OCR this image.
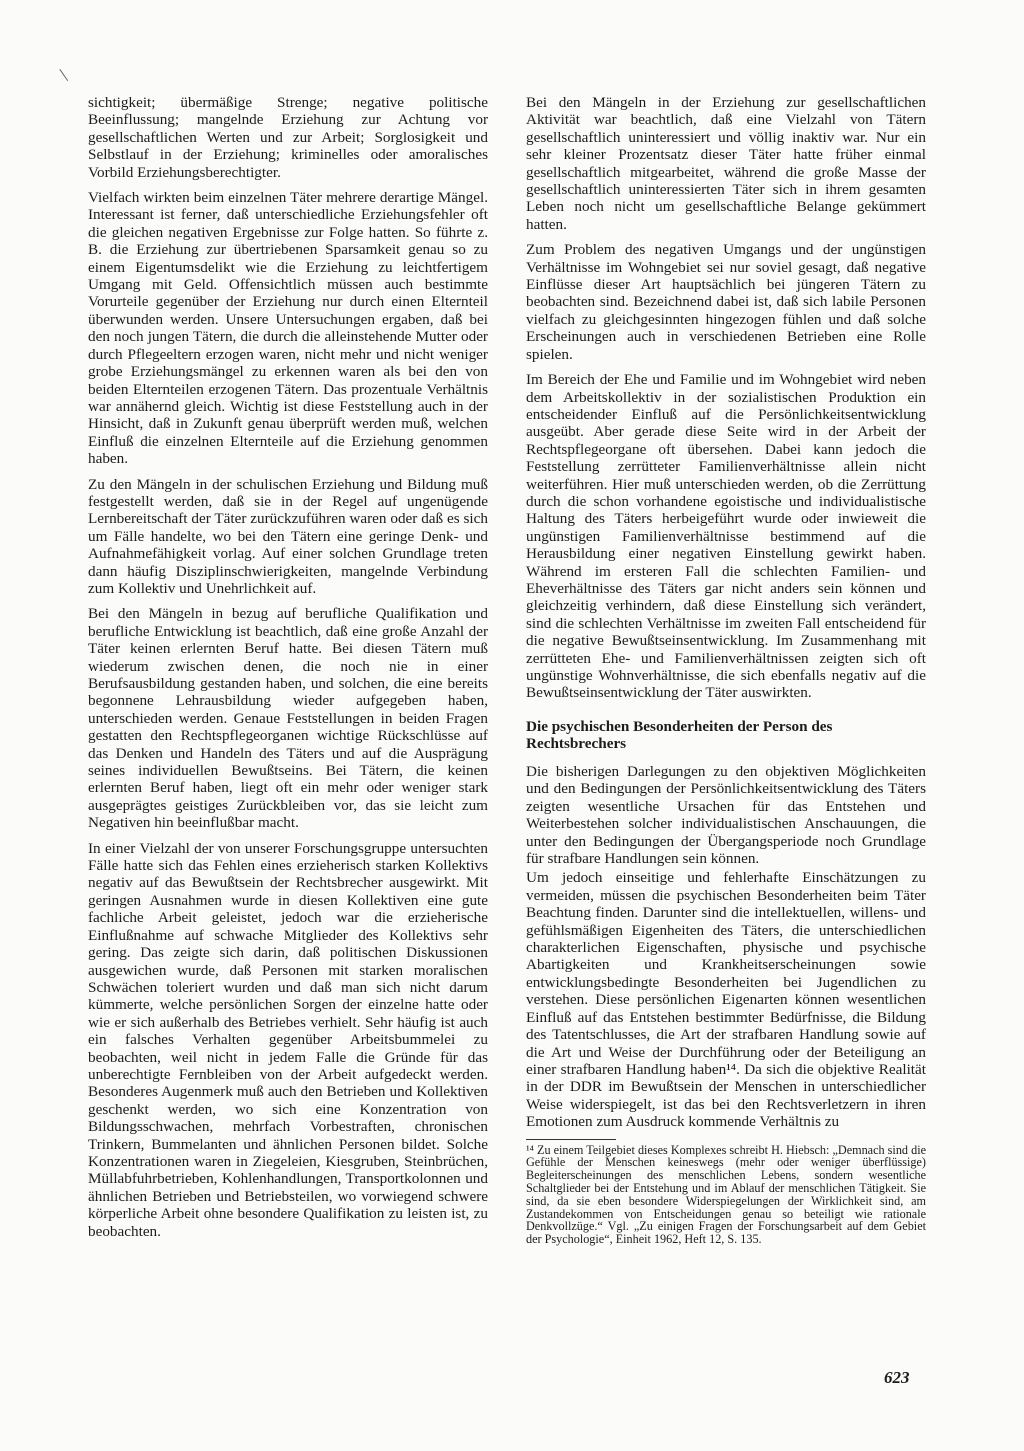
sichtigkeit; übermäßige Strenge; negative politische Beeinflussung; mangelnde Erziehung zur Achtung vor gesellschaftlichen Werten und zur Arbeit; Sorglosigkeit und Selbstlauf in der Erziehung; kriminelles oder amoralisches Vorbild Erziehungsberechtigter.

Vielfach wirkten beim einzelnen Täter mehrere derartige Mängel. Interessant ist ferner, daß unterschiedliche Erziehungsfehler oft die gleichen negativen Ergebnisse zur Folge hatten. So führte z. B. die Erziehung zur übertriebenen Sparsamkeit genau so zu einem Eigentumsdelikt wie die Erziehung zu leichtfertigem Umgang mit Geld. Offensichtlich müssen auch bestimmte Vorurteile gegenüber der Erziehung nur durch einen Elternteil überwunden werden. Unsere Untersuchungen ergaben, daß bei den noch jungen Tätern, die durch die alleinstehende Mutter oder durch Pflegeeltern erzogen waren, nicht mehr und nicht weniger grobe Erziehungsmängel zu erkennen waren als bei den von beiden Elternteilen erzogenen Tätern. Das prozentuale Verhältnis war annähernd gleich. Wichtig ist diese Feststellung auch in der Hinsicht, daß in Zukunft genau überprüft werden muß, welchen Einfluß die einzelnen Elternteile auf die Erziehung genommen haben.

Zu den Mängeln in der schulischen Erziehung und Bildung muß festgestellt werden, daß sie in der Regel auf ungenügende Lernbereitschaft der Täter zurückzuführen waren oder daß es sich um Fälle handelte, wo bei den Tätern eine geringe Denk- und Aufnahmefähigkeit vorlag. Auf einer solchen Grundlage treten dann häufig Disziplinschwierigkeiten, mangelnde Verbindung zum Kollektiv und Unehrlichkeit auf.

Bei den Mängeln in bezug auf berufliche Qualifikation und berufliche Entwicklung ist beachtlich, daß eine große Anzahl der Täter keinen erlernten Beruf hatte. Bei diesen Tätern muß wiederum zwischen denen, die noch nie in einer Berufsausbildung gestanden haben, und solchen, die eine bereits begonnene Lehrausbildung wieder aufgegeben haben, unterschieden werden. Genaue Feststellungen in beiden Fragen gestatten den Rechtspflegeorganen wichtige Rückschlüsse auf das Denken und Handeln des Täters und auf die Ausprägung seines individuellen Bewußtseins. Bei Tätern, die keinen erlernten Beruf haben, liegt oft ein mehr oder weniger stark ausgeprägtes geistiges Zurückbleiben vor, das sie leicht zum Negativen hin beeinflußbar macht.

In einer Vielzahl der von unserer Forschungsgruppe untersuchten Fälle hatte sich das Fehlen eines erzieherisch starken Kollektivs negativ auf das Bewußtsein der Rechtsbrecher ausgewirkt. Mit geringen Ausnahmen wurde in diesen Kollektiven eine gute fachliche Arbeit geleistet, jedoch war die erzieherische Einflußnahme auf schwache Mitglieder des Kollektivs sehr gering. Das zeigte sich darin, daß politischen Diskussionen ausgewichen wurde, daß Personen mit starken moralischen Schwächen toleriert wurden und daß man sich nicht darum kümmerte, welche persönlichen Sorgen der einzelne hatte oder wie er sich außerhalb des Betriebes verhielt. Sehr häufig ist auch ein falsches Verhalten gegenüber Arbeitsbummelei zu beobachten, weil nicht in jedem Falle die Gründe für das unberechtigte Fernbleiben von der Arbeit aufgedeckt werden. Besonderes Augenmerk muß auch den Betrieben und Kollektiven geschenkt werden, wo sich eine Konzentration von Bildungsschwachen, mehrfach Vorbestraften, chronischen Trinkern, Bummelanten und ähnlichen Personen bildet. Solche Konzentrationen waren in Ziegeleien, Kiesgruben, Steinbrüchen, Müllabfuhrbetrieben, Kohlenhandlungen, Transportkolonnen und ähnlichen Betrieben und Betriebsteilen, wo vorwiegend schwere körperliche Arbeit ohne besondere Qualifikation zu leisten ist, zu beobachten.

Bei den Mängeln in der Erziehung zur gesellschaftlichen Aktivität war beachtlich, daß eine Vielzahl von Tätern gesellschaftlich uninteressiert und völlig inaktiv war. Nur ein sehr kleiner Prozentsatz dieser Täter hatte früher einmal gesellschaftlich mitgearbeitet, während die große Masse der gesellschaftlich uninteressierten Täter sich in ihrem gesamten Leben noch nicht um gesellschaftliche Belange gekümmert hatten.

Zum Problem des negativen Umgangs und der ungünstigen Verhältnisse im Wohngebiet sei nur soviel gesagt, daß negative Einflüsse dieser Art hauptsächlich bei jüngeren Tätern zu beobachten sind. Bezeichnend dabei ist, daß sich labile Personen vielfach zu gleichgesinnten hingezogen fühlen und daß solche Erscheinungen auch in verschiedenen Betrieben eine Rolle spielen.

Im Bereich der Ehe und Familie und im Wohngebiet wird neben dem Arbeitskollektiv in der sozialistischen Produktion ein entscheidender Einfluß auf die Persönlichkeitsentwicklung ausgeübt. Aber gerade diese Seite wird in der Arbeit der Rechtspflegeorgane oft übersehen. Dabei kann jedoch die Feststellung zerrütteter Familienverhältnisse allein nicht weiterführen. Hier muß unterschieden werden, ob die Zerrüttung durch die schon vorhandene egoistische und individualistische Haltung des Täters herbeigeführt wurde oder inwieweit die ungünstigen Familienverhältnisse bestimmend auf die Herausbildung einer negativen Einstellung gewirkt haben. Während im ersteren Fall die schlechten Familien- und Eheverhältnisse des Täters gar nicht anders sein können und gleichzeitig verhindern, daß diese Einstellung sich verändert, sind die schlechten Verhältnisse im zweiten Fall entscheidend für die negative Bewußtseinsentwicklung. Im Zusammenhang mit zerrütteten Ehe- und Familienverhältnissen zeigten sich oft ungünstige Wohnverhältnisse, die sich ebenfalls negativ auf die Bewußtseinsentwicklung der Täter auswirkten.

Die psychischen Besonderheiten der Person des Rechtsbrechers

Die bisherigen Darlegungen zu den objektiven Möglichkeiten und den Bedingungen der Persönlichkeitsentwicklung des Täters zeigten wesentliche Ursachen für das Entstehen und Weiterbestehen solcher individualistischen Anschauungen, die unter den Bedingungen der Übergangsperiode noch Grundlage für strafbare Handlungen sein können.

Um jedoch einseitige und fehlerhafte Einschätzungen zu vermeiden, müssen die psychischen Besonderheiten beim Täter Beachtung finden. Darunter sind die intellektuellen, willens- und gefühlsmäßigen Eigenheiten des Täters, die unterschiedlichen charakterlichen Eigenschaften, physische und psychische Abartigkeiten und Krankheitserscheinungen sowie entwicklungsbedingte Besonderheiten bei Jugendlichen zu verstehen. Diese persönlichen Eigenarten können wesentlichen Einfluß auf das Entstehen bestimmter Bedürfnisse, die Bildung des Tatentschlusses, die Art der strafbaren Handlung sowie auf die Art und Weise der Durchführung oder der Beteiligung an einer strafbaren Handlung haben¹⁴. Da sich die objektive Realität in der DDR im Bewußtsein der Menschen in unterschiedlicher Weise widerspiegelt, ist das bei den Rechtsverletzern in ihren Emotionen zum Ausdruck kommende Verhältnis zu

¹⁴ Zu einem Teilgebiet dieses Komplexes schreibt H. Hiebsch: „Demnach sind die Gefühle der Menschen keineswegs (mehr oder weniger überflüssige) Begleiterscheinungen des menschlichen Lebens, sondern wesentliche Schaltglieder bei der Entstehung und im Ablauf der menschlichen Tätigkeit. Sie sind, da sie eben besondere Widerspiegelungen der Wirklichkeit sind, am Zustandekommen von Entscheidungen genau so beteiligt wie rationale Denkvollzüge.“ Vgl. „Zu einigen Fragen der Forschungsarbeit auf dem Gebiet der Psychologie“, Einheit 1962, Heft 12, S. 135.

623
